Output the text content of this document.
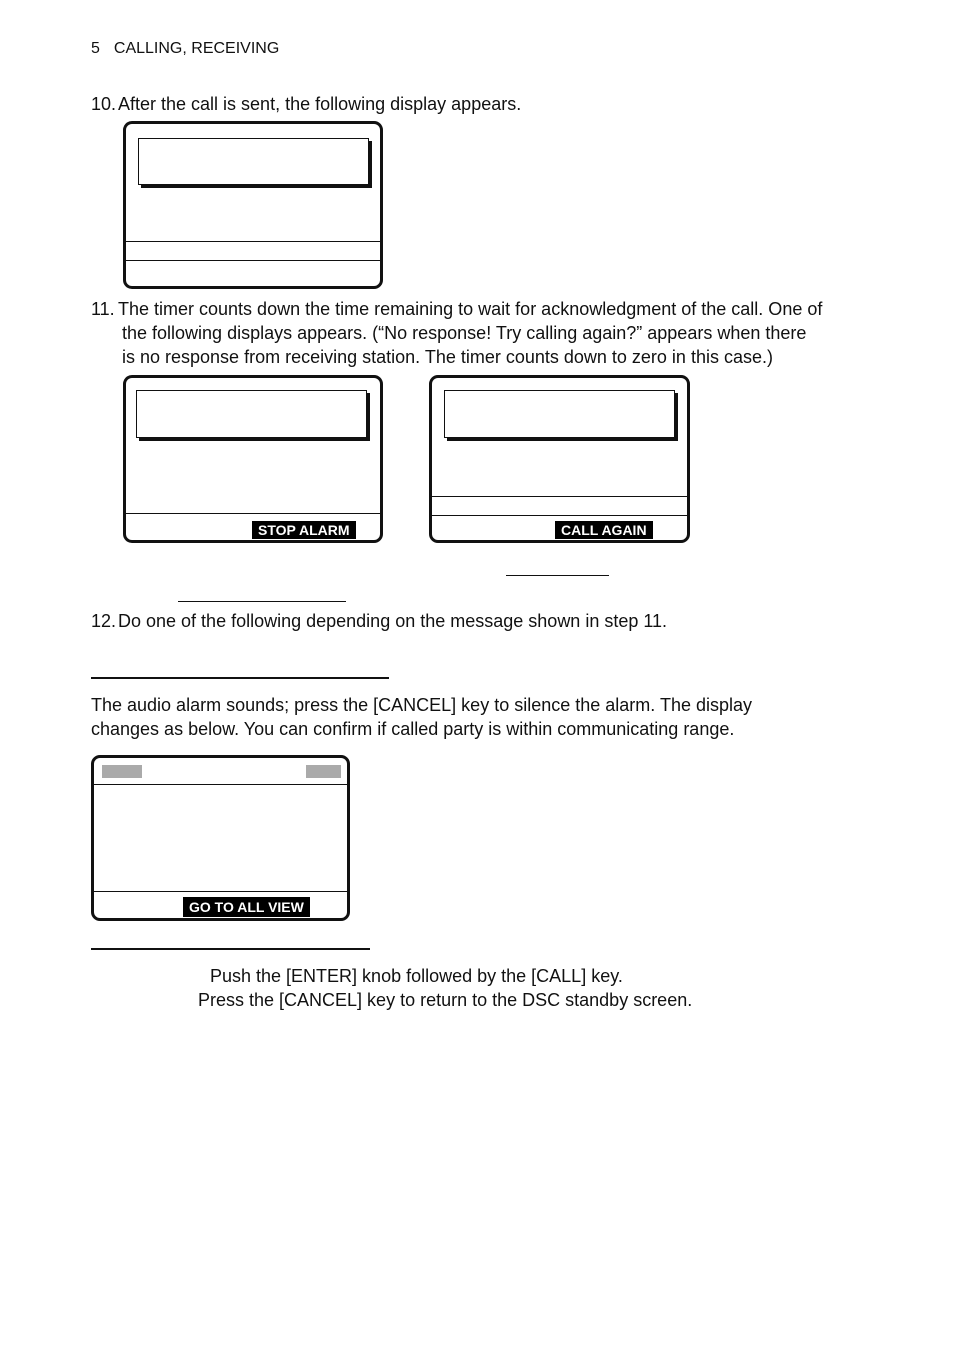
5 CALLING, RECEIVING
10. After the call is sent, the following display appears.
11. The timer counts down the time remaining to wait for acknowledgment of the call. One of
the following displays appears. (“No response! Try calling again?” appears when there
is no response from receiving station. The timer counts down to zero in this case.)
STOP ALARM	CALL AGAIN
12. Do one of the following depending on the message shown in step 11.
The audio alarm sounds; press the [CANCEL] key to silence the alarm. The display
changes as below. You can confirm if called party is within communicating range.
GO TO ALL VIEW
Push the [ENTER] knob followed by the [CALL] key.
Press the [CANCEL] key to return to the DSC standby screen.
